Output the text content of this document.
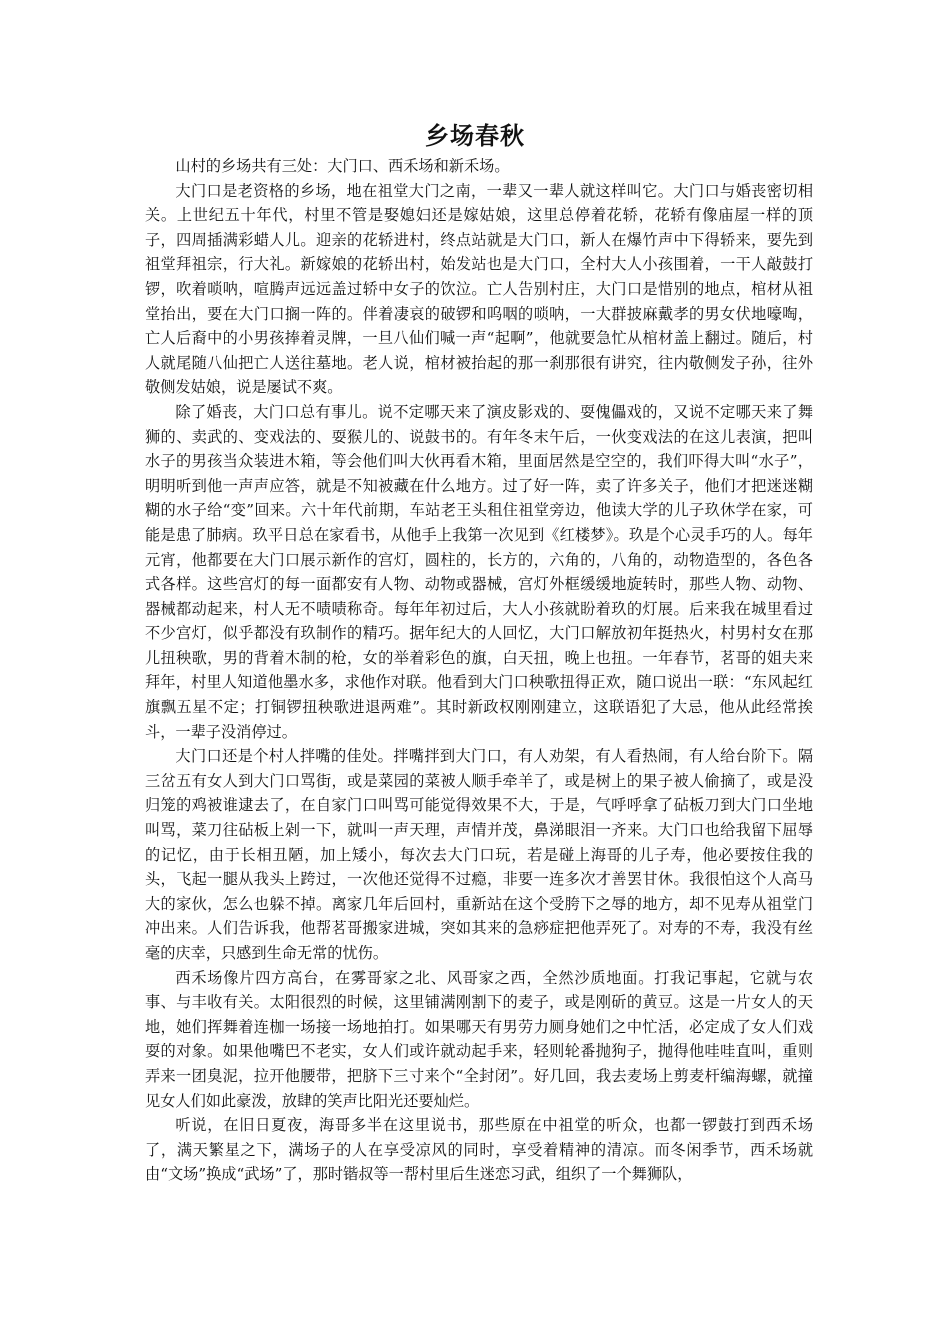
乡场春秋

山村的乡场共有三处：大门口、西禾场和新禾场。

大门口是老资格的乡场，地在祖堂大门之南，一辈又一辈人就这样叫它。大门口与婚丧密切相关。上世纪五十年代，村里不管是娶媳妇还是嫁姑娘，这里总停着花轿，花轿有像庙屋一样的顶子，四周插满彩蜡人儿。迎亲的花轿进村，终点站就是大门口，新人在爆竹声中下得轿来，要先到祖堂拜祖宗，行大礼。新嫁娘的花轿出村，始发站也是大门口，全村大人小孩围着，一干人敲鼓打锣，吹着唢呐，喧腾声远远盖过轿中女子的饮泣。亡人告别村庄，大门口是惜别的地点，棺材从祖堂抬出，要在大门口搁一阵的。伴着凄哀的破锣和呜咽的唢呐，一大群披麻戴孝的男女伏地嚎啕，亡人后裔中的小男孩捧着灵牌，一旦八仙们喊一声“起啊”，他就要急忙从棺材盖上翻过。随后，村人就尾随八仙把亡人送往墓地。老人说，棺材被抬起的那一刹那很有讲究，往内敬侧发子孙，往外敬侧发姑娘，说是屡试不爽。

除了婚丧，大门口总有事儿。说不定哪天来了演皮影戏的、耍傀儡戏的，又说不定哪天来了舞狮的、卖武的、变戏法的、耍猴儿的、说鼓书的。有年冬末午后，一伙变戏法的在这儿表演，把叫水子的男孩当众装进木箱，等会他们叫大伙再看木箱，里面居然是空空的，我们吓得大叫“水子”，明明听到他一声声应答，就是不知被藏在什么地方。过了好一阵，卖了许多关子，他们才把迷迷糊糊的水子给“变”回来。六十年代前期，车站老王头租住祖堂旁边，他读大学的儿子玖休学在家，可能是患了肺病。玖平日总在家看书，从他手上我第一次见到《红楼梦》。玖是个心灵手巧的人。每年元宵，他都要在大门口展示新作的宫灯，圆柱的，长方的，六角的，八角的，动物造型的，各色各式各样。这些宫灯的每一面都安有人物、动物或器械，宫灯外框缓缓地旋转时，那些人物、动物、器械都动起来，村人无不啧啧称奇。每年年初过后，大人小孩就盼着玖的灯展。后来我在城里看过不少宫灯，似乎都没有玖制作的精巧。据年纪大的人回忆，大门口解放初年挺热火，村男村女在那儿扭秧歌，男的背着木制的枪，女的举着彩色的旗，白天扭，晚上也扭。一年春节，茗哥的姐夫来拜年，村里人知道他墨水多，求他作对联。他看到大门口秧歌扭得正欢，随口说出一联：“东风起红旗飘五星不定；打铜锣扭秧歌进退两难”。其时新政权刚刚建立，这联语犯了大忌，他从此经常挨斗，一辈子没消停过。

大门口还是个村人拌嘴的佳处。拌嘴拌到大门口，有人劝架，有人看热闹，有人给台阶下。隔三岔五有女人到大门口骂街，或是菜园的菜被人顺手牵羊了，或是树上的果子被人偷摘了，或是没归笼的鸡被谁逮去了，在自家门口叫骂可能觉得效果不大，于是，气呼呼拿了砧板刀到大门口坐地叫骂，菜刀往砧板上剁一下，就叫一声天理，声情并茂，鼻涕眼泪一齐来。大门口也给我留下屈辱的记忆，由于长相丑陋，加上矮小，每次去大门口玩，若是碰上海哥的儿子寿，他必要按住我的头，飞起一腿从我头上跨过，一次他还觉得不过瘾，非要一连多次才善罢甘休。我很怕这个人高马大的家伙，怎么也躲不掉。离家几年后回村，重新站在这个受胯下之辱的地方，却不见寿从祖堂门冲出来。人们告诉我，他帮茗哥搬家进城，突如其来的急痧症把他弄死了。对寿的不寿，我没有丝毫的庆幸，只感到生命无常的忧伤。

西禾场像片四方高台，在雾哥家之北、风哥家之西，全然沙质地面。打我记事起，它就与农事、与丰收有关。太阳很烈的时候，这里铺满刚割下的麦子，或是刚斫的黄豆。这是一片女人的天地，她们挥舞着连枷一场接一场地拍打。如果哪天有男劳力厕身她们之中忙活，必定成了女人们戏耍的对象。如果他嘴巴不老实，女人们或许就动起手来，轻则轮番抛狗子，抛得他哇哇直叫，重则弄来一团臭泥，拉开他腰带，把脐下三寸来个“全封闭”。好几回，我去麦场上剪麦杆编海螺，就撞见女人们如此豪泼，放肆的笑声比阳光还要灿烂。

听说，在旧日夏夜，海哥多半在这里说书，那些原在中祖堂的听众，也都一锣鼓打到西禾场了，满天繁星之下，满场子的人在享受凉风的同时，享受着精神的清凉。而冬闲季节，西禾场就由“文场”换成“武场”了，那时锴叔等一帮村里后生迷恋习武，组织了一个舞狮队，
